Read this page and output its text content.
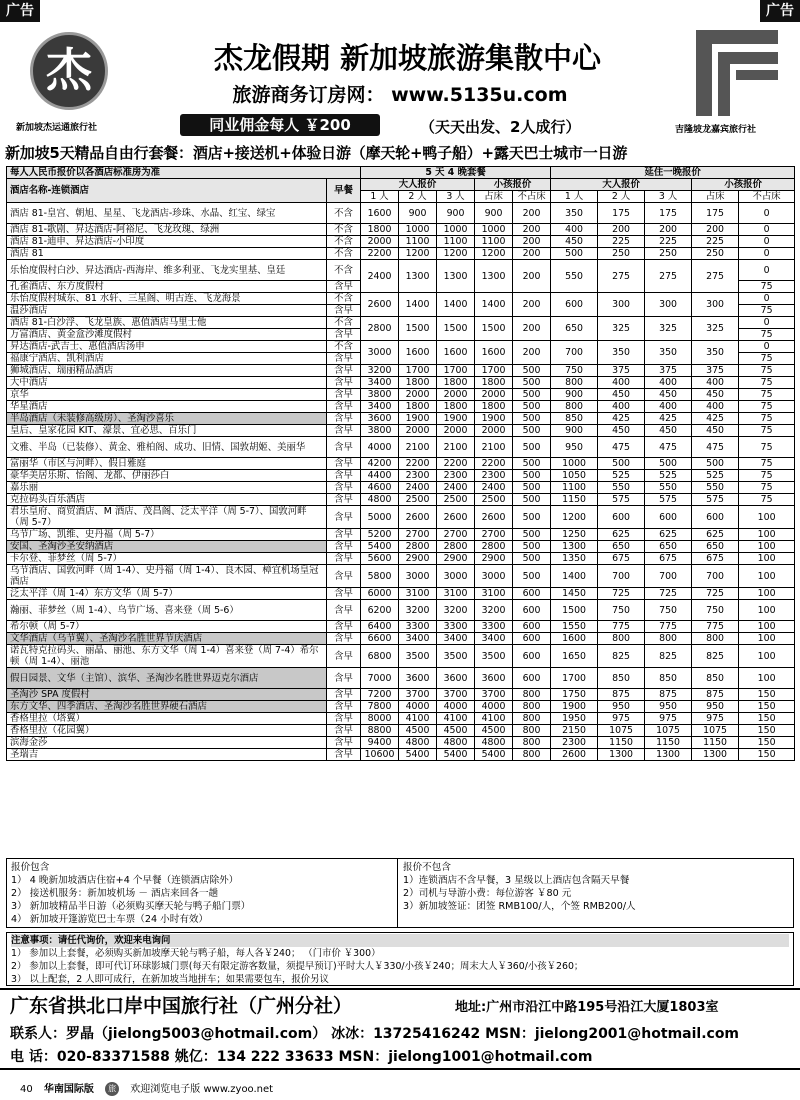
广告	广告
杰
新加坡杰运通旅行社
杰龙假期 新加坡旅游集散中心
旅游商务订房网： www.5135u.com
同业佣金每人 ￥200	（天天出发、2人成行）	吉隆坡龙嘉宾旅行社
新加坡5天精品自由行套餐：酒店+接送机+体验日游（摩天轮+鸭子船）+露天巴士城市一日游
每人人民币报价以各酒店标准房为准		5 天 4 晚套餐					延住一晚报价				
酒店名称-连锁酒店	早餐	大人报价			小孩报价		大人报价			小孩报价	
		1 人	2 人	3 人	占床	不占床	1 人	2 人	3 人	占床	不占床
酒店 81-皇宫、朝旭、星星、飞龙酒店-珍珠、水晶、红宝、绿宝	不含	1600	900	900	900	200	350	175	175	175	0
酒店 81-歌剧、昇达酒店-阿裕尼、飞龙玫瑰、绿洲	不含	1800	1000	1000	1000	200	400	200	200	200	0
酒店 81-迪申、昇达酒店-小印度	不含	2000	1100	1100	1100	200	450	225	225	225	0
酒店 81	不含	2200	1200	1200	1200	200	500	250	250	250	0
乐怡度假村白沙、昇达酒店-西海岸、维多利亚、飞龙实里基、皇廷	不含	2400	1300	1300	1300	200	550	275	275	275	0
孔雀酒店、东方度假村	含早										75
乐怡度假村城东、81 水轩、三星阁、明古连、飞龙海景	不含	2600	1400	1400	1400	200	600	300	300	300	0
温莎酒店	含早										75
酒店 81-白沙浮、飞龙皇族、惠值酒店马里士他	不含	2800	1500	1500	1500	200	650	325	325	325	0
万富酒店、黄金盒沙滩度假村	含早										75
昇达酒店-武吉士、惠值酒店汤申	不含	3000	1600	1600	1600	200	700	350	350	350	0
福康宁酒店、凯利酒店	含早										75
狮城酒店、瑞丽精品酒店	含早	3200	1700	1700	1700	500	750	375	375	375	75
大中酒店	含早	3400	1800	1800	1800	500	800	400	400	400	75
京华	含早	3800	2000	2000	2000	500	900	450	450	450	75
华星酒店	含早	3400	1800	1800	1800	500	800	400	400	400	75
半岛酒店（未装修高级房）、圣淘沙喜乐	含早	3600	1900	1900	1900	500	850	425	425	425	75
皇后、皇家花园 KIT、濠景、宜必思、百乐门	含早	3800	2000	2000	2000	500	900	450	450	450	75
文雅、半岛（已装修）、黄金、雅柏阁、成功、旧情、国敦胡姬、美丽华	含早	4000	2100	2100	2100	500	950	475	475	475	75
富丽华（市区与河畔）、假日雅庭	含早	4200	2200	2200	2200	500	1000	500	500	500	75
豪华美居乐斯、怡阁、龙都、伊丽莎白	含早	4400	2300	2300	2300	500	1050	525	525	525	75
嘉乐丽	含早	4600	2400	2400	2400	500	1100	550	550	550	75
克拉码头百乐酒店	含早	4800	2500	2500	2500	500	1150	575	575	575	75
君乐皇府、商贸酒店、M 酒店、茂昌阁、泛太平洋（周 5-7）、国敦河畔（周 5-7）	含早	5000	2600	2600	2600	500	1200	600	600	600	100
乌节广场、凯维、史丹福（周 5-7）	含早	5200	2700	2700	2700	500	1250	625	625	625	100
安国、圣淘沙圣安纳酒店	含早	5400	2800	2800	2800	500	1300	650	650	650	100
卡尔登、菲梦丝（周 5-7）	含早	5600	2900	2900	2900	500	1350	675	675	675	100
乌节酒店、国敦河畔（周 1-4）、史丹福（周 1-4）、良木园、樟宜机场皇冠酒店	含早	5800	3000	3000	3000	500	1400	700	700	700	100
泛太平洋（周 1-4）东方文华（周 5-7）	含早	6000	3100	3100	3100	600	1450	725	725	725	100
瀚丽、菲梦丝（周 1-4）、乌节广场、喜来登（周 5-6）	含早	6200	3200	3200	3200	600	1500	750	750	750	100
希尔顿（周 5-7）	含早	6400	3300	3300	3300	600	1550	775	775	775	100
文华酒店（乌节翼）、圣淘沙名胜世界节庆酒店	含早	6600	3400	3400	3400	600	1600	800	800	800	100
诺瓦特克拉码头、丽晶、丽池、东方文华（周 1-4）喜来登（周 7-4）希尔顿（周 1-4）、丽池	含早	6800	3500	3500	3500	600	1650	825	825	825	100
假日园景、文华（主馆）、滨华、圣淘沙名胜世界迈克尔酒店	含早	7000	3600	3600	3600	600	1700	850	850	850	100
圣淘沙 SPA 度假村	含早	7200	3700	3700	3700	800	1750	875	875	875	150
东方文华、四季酒店、圣淘沙名胜世界硬石酒店	含早	7800	4000	4000	4000	800	1900	950	950	950	150
香格里拉（塔翼）	含早	8000	4100	4100	4100	800	1950	975	975	975	150
香格里拉（花园翼）	含早	8800	4500	4500	4500	800	2150	1075	1075	1075	150
滨海金莎	含早	9400	4800	4800	4800	800	2300	1150	1150	1150	150
圣瑞吉	含早	10600	5400	5400	5400	800	2600	1300	1300	1300	150
报价包含
1） 4 晚新加坡酒店住宿+4 个早餐（连锁酒店除外）
2） 接送机服务：新加坡机场 － 酒店来回各一趟
3） 新加坡精品半日游（必须购买摩天轮与鸭子船门票）
4） 新加坡开篷游览巴士车票（24 小时有效）
报价不包含
1）连锁酒店不含早餐，3 星级以上酒店包含隔天早餐
2）司机与导游小费：每位游客 ￥80 元
3）新加坡签证：团签 RMB100/人，个签 RMB200/人
注意事项：请任代询价，欢迎来电询问
1） 参加以上套餐，必须购买新加坡摩天轮与鸭子船，每人各￥240； （门市价 ￥300）
2） 参加以上套餐，即可代订环球影城门票(每天有限定游客数量，须提早预订)平时大人￥330/小孩￥240；周末大人￥360/小孩￥260；
3） 以上配套，2 人即可成行，在新加坡当地拼车；如果需要包车，报价另议
广东省拱北口岸中国旅行社（广州分社）	地址:广州市沿江中路195号沿江大厦1803室
联系人：罗晶（jielong5003@hotmail.com） 冰冰：13725416242 MSN：jielong2001@hotmail.com
电 话：020-83371588 姚亿：134 222 33633 MSN：jielong1001@hotmail.com
40 华南国际版 旅 欢迎浏览电子版 www.zyoo.net
